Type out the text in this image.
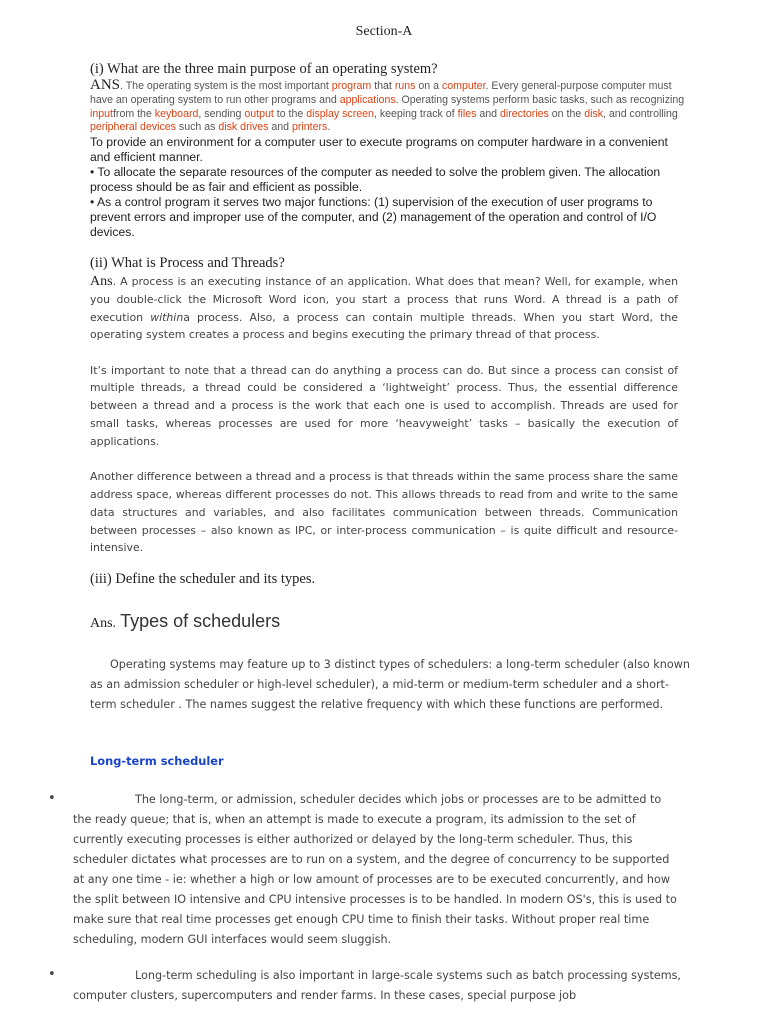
Section-A
(i) What are the three main purpose of an operating system?
ANS. The operating system is the most important program that runs on a computer. Every general-purpose computer must have an operating system to run other programs and applications. Operating systems perform basic tasks, such as recognizing inputfrom the keyboard, sending output to the display screen, keeping track of files and directories on the disk, and controlling peripheral devices such as disk drives and printers.
To provide an environment for a computer user to execute programs on computer hardware in a convenient and efficient manner.
• To allocate the separate resources of the computer as needed to solve the problem given. The allocation process should be as fair and efficient as possible.
• As a control program it serves two major functions: (1) supervision of the execution of user programs to prevent errors and improper use of the computer, and (2) management of the operation and control of I/O devices.
(ii) What is Process and Threads?

Ans. A process is an executing instance of an application. What does that mean? Well, for example, when you double-click the Microsoft Word icon, you start a process that runs Word. A thread is a path of execution withina process. Also, a process can contain multiple threads. When you start Word, the operating system creates a process and begins executing the primary thread of that process.

It’s important to note that a thread can do anything a process can do. But since a process can consist of multiple threads, a thread could be considered a ‘lightweight’ process. Thus, the essential difference between a thread and a process is the work that each one is used to accomplish. Threads are used for small tasks, whereas processes are used for more ‘heavyweight’ tasks – basically the execution of applications.

Another difference between a thread and a process is that threads within the same process share the same address space, whereas different processes do not. This allows threads to read from and write to the same data structures and variables, and also facilitates communication between threads. Communication between processes – also known as IPC, or inter-process communication – is quite difficult and resource-intensive.

(iii) Define the scheduler and its types.
Ans. Types of schedulers
Operating systems may feature up to 3 distinct types of schedulers: a long-term scheduler (also known as an admission scheduler or high-level scheduler), a mid-term or medium-term scheduler and a short-term scheduler . The names suggest the relative frequency with which these functions are performed.
Long-term scheduler
•	The long-term, or admission, scheduler decides which jobs or processes are to be admitted to the ready queue; that is, when an attempt is made to execute a program, its admission to the set of currently executing processes is either authorized or delayed by the long-term scheduler. Thus, this scheduler dictates what processes are to run on a system, and the degree of concurrency to be supported at any one time - ie: whether a high or low amount of processes are to be executed concurrently, and how the split between IO intensive and CPU intensive processes is to be handled. In modern OS's, this is used to make sure that real time processes get enough CPU time to finish their tasks. Without proper real time scheduling, modern GUI interfaces would seem sluggish.
•	Long-term scheduling is also important in large-scale systems such as batch processing systems, computer clusters, supercomputers and render farms. In these cases, special purpose job
